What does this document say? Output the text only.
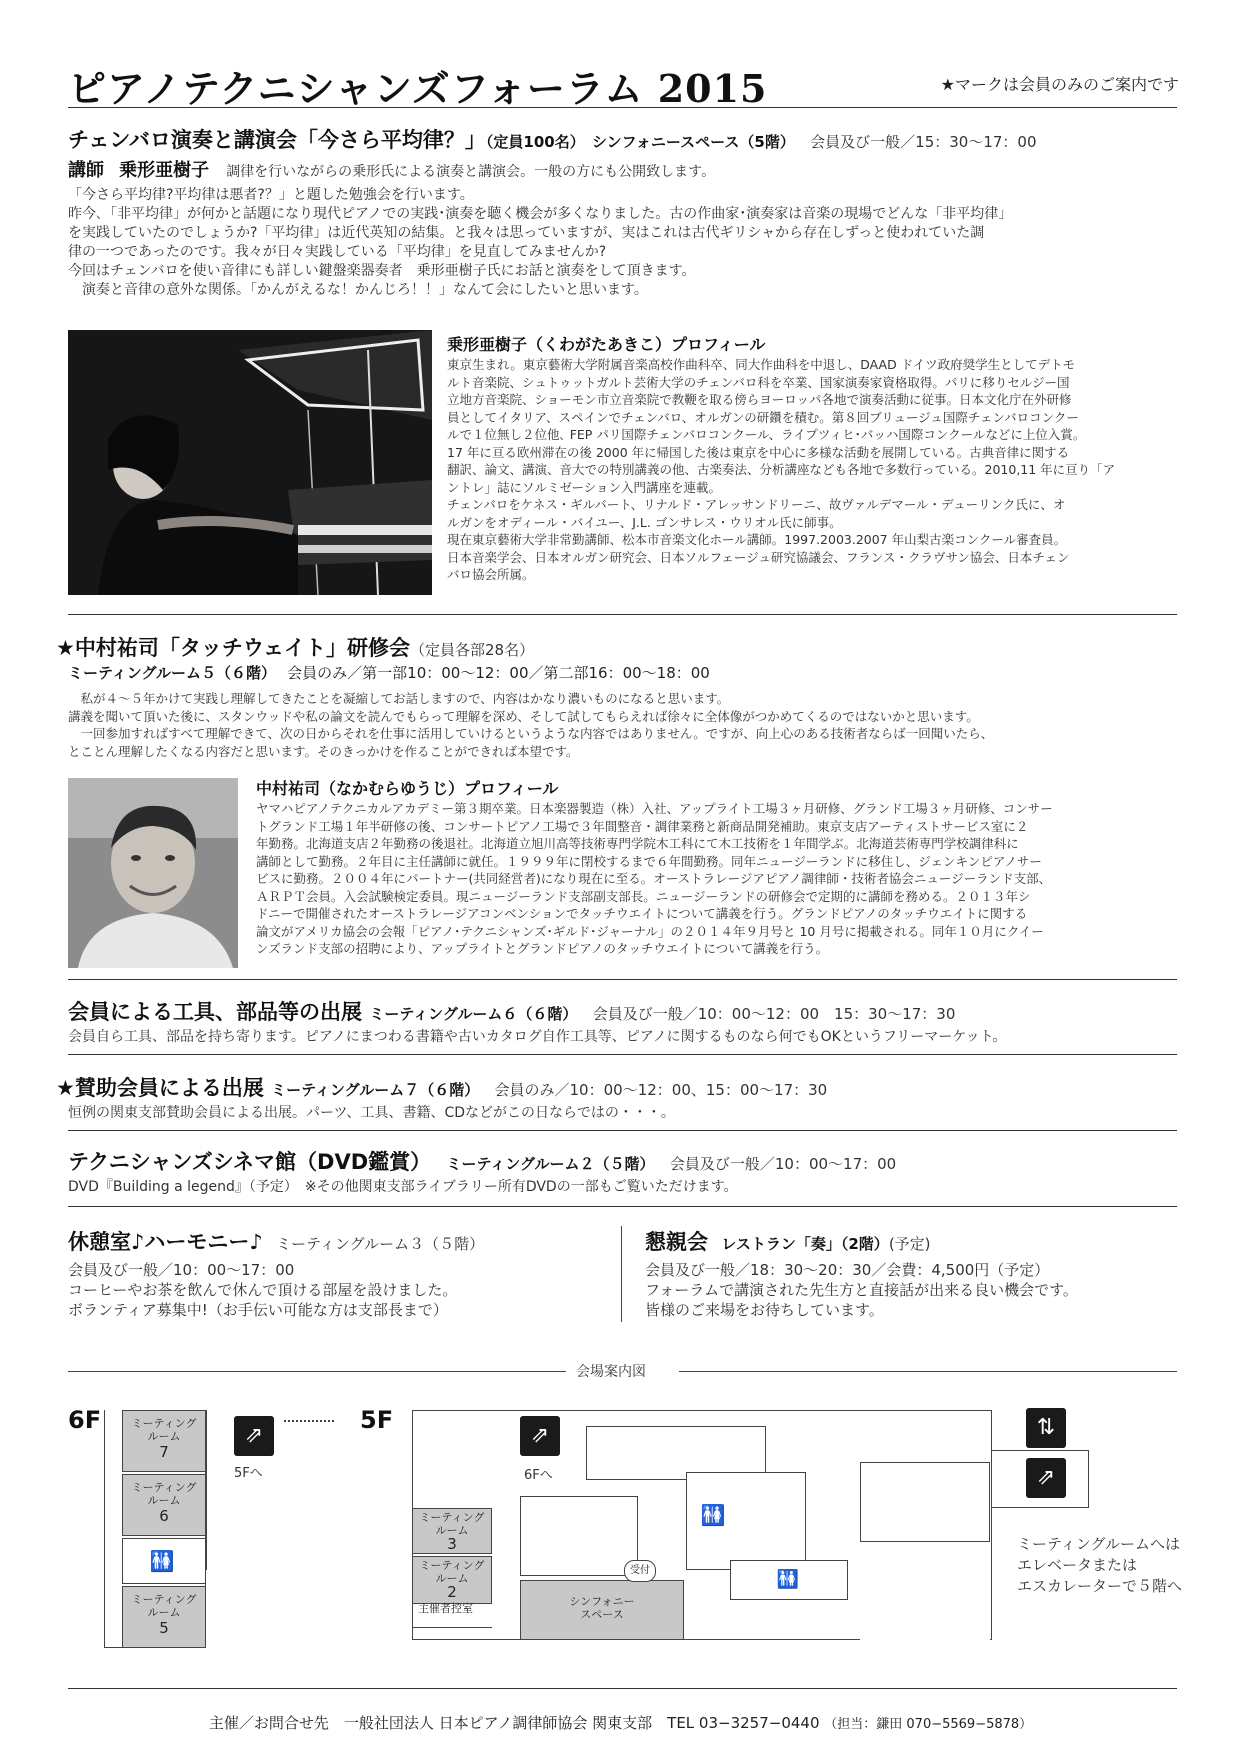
ピアノテクニシャンズフォーラム 2015	★マークは会員のみのご案内です
チェンバロ演奏と講演会「今さら平均律？」（定員100名） シンフォニースペース（5階） 会員及び一般／15：30〜17：00
講師 乗形亜樹子 調律を行いながらの乗形氏による演奏と講演会。一般の方にも公開致します。
「今さら平均律?平均律は悪者?？」と題した勉強会を行います。
昨今､「非平均律」が何かと話題になり現代ピアノでの実践･演奏を聴く機会が多くなりました。古の作曲家･演奏家は音楽の現場でどんな「非平均律」
を実践していたのでしょうか?「平均律」は近代英知の結集。と我々は思っていますが、実はこれは古代ギリシャから存在しずっと使われていた調
律の一つであったのです。我々が日々実践している「平均律」を見直してみませんか?
今回はチェンバロを使い音律にも詳しい鍵盤楽器奏者　乗形亜樹子氏にお話と演奏をして頂きます。
　演奏と音律の意外な関係｡「かんがえるな！かんじろ！！」なんて会にしたいと思います。
乗形亜樹子（くわがたあきこ）プロフィール
東京生まれ。東京藝術大学附属音楽高校作曲科卒、同大作曲科を中退し、DAAD ドイツ政府奨学生としてデトモ
ルト音楽院、シュトゥットガルト芸術大学のチェンバロ科を卒業、国家演奏家資格取得。パリに移りセルジー国
立地方音楽院、ショーモン市立音楽院で教鞭を取る傍らヨーロッパ各地で演奏活動に従事。日本文化庁在外研修
員としてイタリア、スペインでチェンバロ、オルガンの研鑽を積む。第８回ブリュージュ国際チェンバロコンクー
ルで１位無し２位他､ FEP パリ国際チェンバロコンクール、ライプツィヒ･バッハ国際コンクールなどに上位入賞。
17 年に亘る欧州滞在の後 2000 年に帰国した後は東京を中心に多様な活動を展開している。古典音律に関する
翻訳、論文、講演、音大での特別講義の他、古楽奏法、分析講座なども各地で多数行っている。2010,11 年に亘り「ア
ントレ」誌にソルミゼーション入門講座を連載。
チェンバロをケネス・ギルバート、リナルド・アレッサンドリーニ、故ヴァルデマール・デューリンク氏に、オ
ルガンをオディール・バイユー、J.L. ゴンサレス・ウリオル氏に師事。
現在東京藝術大学非常勤講師、松本市音楽文化ホール講師。1997.2003.2007 年山梨古楽コンクール審査員。
日本音楽学会、日本オルガン研究会、日本ソルフェージュ研究協議会、フランス・クラヴサン協会、日本チェン
バロ協会所属。
★中村祐司「タッチウェイト」研修会（定員各部28名）
ミーティングルーム５（６階） 会員のみ／第一部10：00〜12：00／第二部16：00〜18：00
　私が４～５年かけて実践し理解してきたことを凝縮してお話しますので、内容はかなり濃いものになると思います。
講義を聞いて頂いた後に、スタンウッドや私の論文を読んでもらって理解を深め、そして試してもらえれば徐々に全体像がつかめてくるのではないかと思います。
　一回参加すればすべて理解できて、次の日からそれを仕事に活用していけるというような内容ではありません。ですが、向上心のある技術者ならば一回聞いたら、
とことん理解したくなる内容だと思います。そのきっかけを作ることができれば本望です。
中村祐司（なかむらゆうじ）プロフィール
ヤマハピアノテクニカルアカデミー第３期卒業。日本楽器製造（株）入社、アップライト工場３ヶ月研修、グランド工場３ヶ月研修、コンサー
トグランド工場１年半研修の後、コンサートピアノ工場で３年間整音・調律業務と新商品開発補助。東京支店アーティストサービス室に２
年勤務。北海道支店２年勤務の後退社。北海道立旭川高等技術専門学院木工科にて木工技術を１年間学ぶ。北海道芸術専門学校調律科に
講師として勤務。２年目に主任講師に就任。１９９９年に閉校するまで６年間勤務。同年ニュージーランドに移住し、ジェンキンピアノサー
ビスに勤務。２００４年にパートナー(共同経営者)になり現在に至る。オーストラレージアピアノ調律師・技術者協会ニュージーランド支部、
ＡＲＰＴ会員。入会試験検定委員。現ニュージーランド支部副支部長。ニュージーランドの研修会で定期的に講師を務める。２０１３年シ
ドニーで開催されたオーストラレージアコンベンションでタッチウエイトについて講義を行う。グランドピアノのタッチウエイトに関する
論文がアメリカ協会の会報「ピアノ･テクニシャンズ･ギルド･ジャーナル」の２０１４年９月号と 10 月号に掲載される。同年１０月にクイー
ンズランド支部の招聘により、アップライトとグランドピアノのタッチウエイトについて講義を行う。
会員による工具、部品等の出展 ミーティングルーム６（６階） 会員及び一般／10：00〜12：00　15：30〜17：30
会員自ら工具、部品を持ち寄ります。ピアノにまつわる書籍や古いカタログ自作工具等、ピアノに関するものなら何でもOKというフリーマーケット。
★賛助会員による出展 ミーティングルーム７（６階） 会員のみ／10：00〜12：00、15：00〜17：30
恒例の関東支部賛助会員による出展。パーツ、工具、書籍、CDなどがこの日ならではの・・・。
テクニシャンズシネマ館（DVD鑑賞） ミーティングルーム２（５階） 会員及び一般／10：00〜17：00
DVD『Building a legend』（予定）　※その他関東支部ライブラリー所有DVDの一部もご覧いただけます。
休憩室♪ハーモニー♪ ミーティングルーム３（５階）
会員及び一般／10：00〜17：00
コーヒーやお茶を飲んで休んで頂ける部屋を設けました。
ボランティア募集中!（お手伝い可能な方は支部長まで）
懇親会 レストラン「奏」（2階）(予定)
会員及び一般／18：30〜20：30／会費：4,500円（予定）
フォーラムで講演された先生方と直接話が出来る良い機会です。
皆様のご来場をお待ちしています。
会場案内図
6F	ミーティング
ルーム
7
ミーティング
ルーム
6
🚻
ミーティング
ルーム
5
⇗
5Fへ
5F
ミーティング
ルーム
3
ミーティング
ルーム
2
主催者控室
⇗
6Fへ
🚻
シンフォニー
スペース
受付	🚻
⇅
⇗
ミーティングルームへは
エレベータまたは
エスカレーターで５階へ
主催／お問合せ先　一般社団法人 日本ピアノ調律師協会 関東支部　TEL 03−3257−0440 （担当：鎌田 070−5569−5878）
